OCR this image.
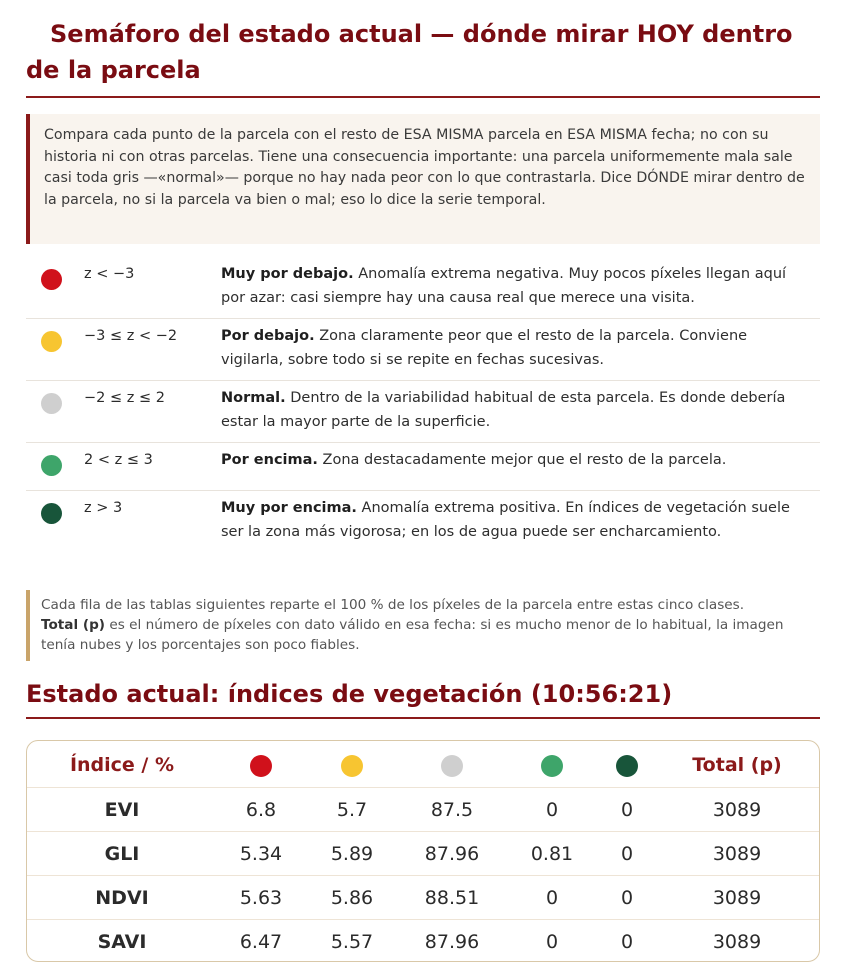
Semáforo del estado actual — dónde mirar HOY dentro de la parcela
Compara cada punto de la parcela con el resto de ESA MISMA parcela en ESA MISMA fecha; no con su historia ni con otras parcelas. Tiene una consecuencia importante: una parcela uniformemente mala sale casi toda gris —«normal»— porque no hay nada peor con lo que contrastarla. Dice DÓNDE mirar dentro de la parcela, no si la parcela va bien o mal; eso lo dice la serie temporal.
z < −3	Muy por debajo. Anomalía extrema negativa. Muy pocos píxeles llegan aquí por azar: casi siempre hay una causa real que merece una visita.
−3 ≤ z < −2	Por debajo. Zona claramente peor que el resto de la parcela. Conviene vigilarla, sobre todo si se repite en fechas sucesivas.
−2 ≤ z ≤ 2	Normal. Dentro de la variabilidad habitual de esta parcela. Es donde debería estar la mayor parte de la superficie.
2 < z ≤ 3	Por encima. Zona destacadamente mejor que el resto de la parcela.
z > 3	Muy por encima. Anomalía extrema positiva. En índices de vegetación suele ser la zona más vigorosa; en los de agua puede ser encharcamiento.
Cada fila de las tablas siguientes reparte el 100 % de los píxeles de la parcela entre estas cinco clases.
Total (p) es el número de píxeles con dato válido en esa fecha: si es mucho menor de lo habitual, la imagen tenía nubes y los porcentajes son poco fiables.
Estado actual: índices de vegetación (10:56:21)
Índice / %	Total (p)
EVI	6.8	5.7	87.5	0	0	3089
GLI	5.34	5.89	87.96	0.81	0	3089
NDVI	5.63	5.86	88.51	0	0	3089
SAVI	6.47	5.57	87.96	0	0	3089
